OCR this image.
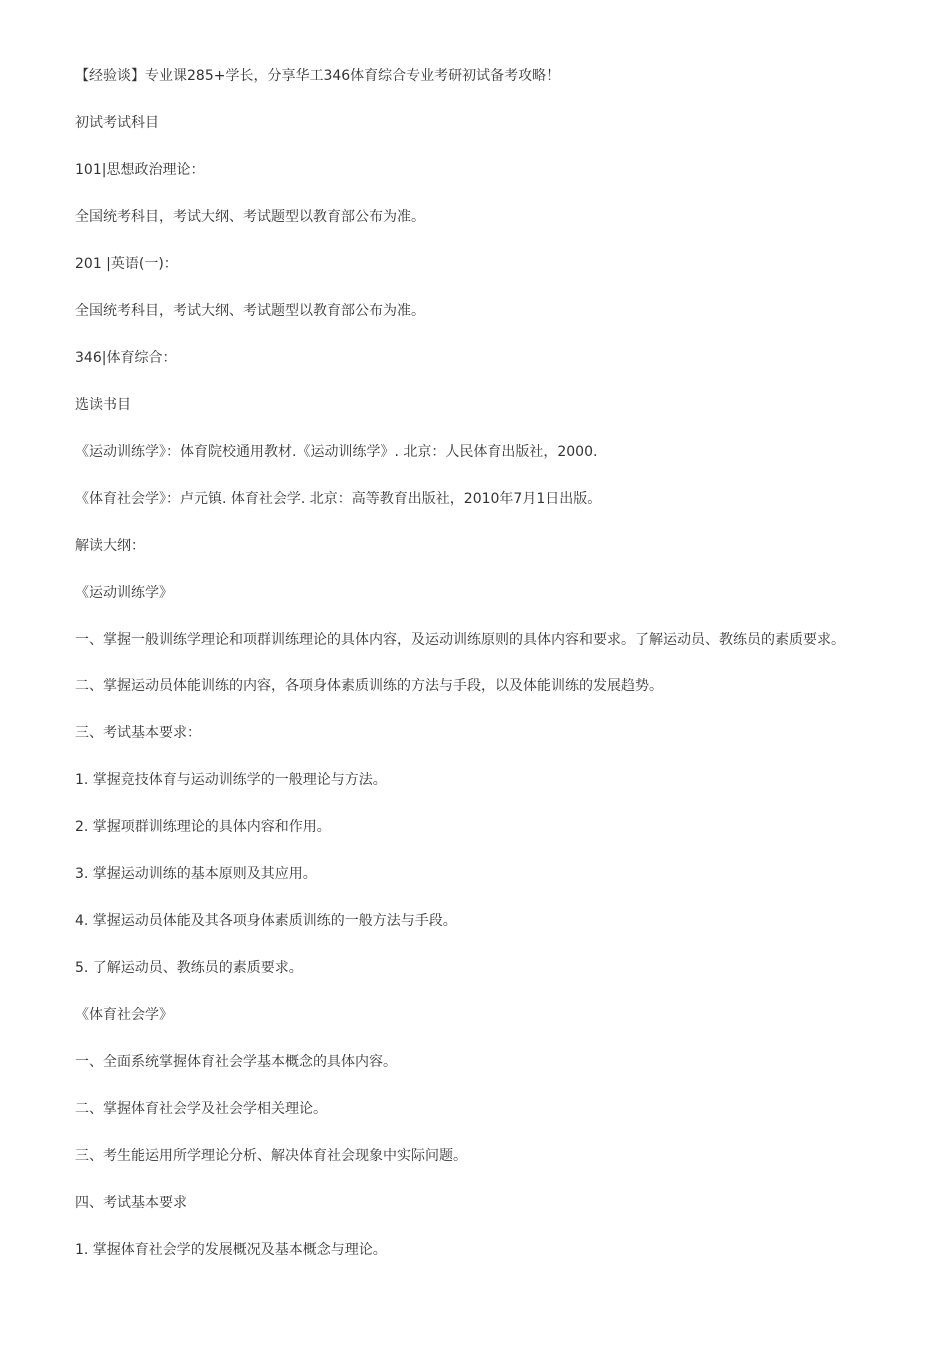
【经验谈】专业课285+学长，分享华工346体育综合专业考研初试备考攻略！

初试考试科目

101|思想政治理论：

全国统考科目，考试大纲、考试题型以教育部公布为准。

201 |英语(一)：

全国统考科目，考试大纲、考试题型以教育部公布为准。

346|体育综合：

选读书目

《运动训练学》：体育院校通用教材.《运动训练学》. 北京：人民体育出版社，2000.

《体育社会学》：卢元镇. 体育社会学. 北京：高等教育出版社，2010年7月1日出版。

解读大纲：

《运动训练学》

一、掌握一般训练学理论和项群训练理论的具体内容，及运动训练原则的具体内容和要求。了解运动员、教练员的素质要求。

二、掌握运动员体能训练的内容，各项身体素质训练的方法与手段，以及体能训练的发展趋势。

三、考试基本要求：

1. 掌握竞技体育与运动训练学的一般理论与方法。

2. 掌握项群训练理论的具体内容和作用。

3. 掌握运动训练的基本原则及其应用。

4. 掌握运动员体能及其各项身体素质训练的一般方法与手段。

5. 了解运动员、教练员的素质要求。

《体育社会学》

一、全面系统掌握体育社会学基本概念的具体内容。

二、掌握体育社会学及社会学相关理论。

三、考生能运用所学理论分析、解决体育社会现象中实际问题。

四、考试基本要求

1. 掌握体育社会学的发展概况及基本概念与理论。
